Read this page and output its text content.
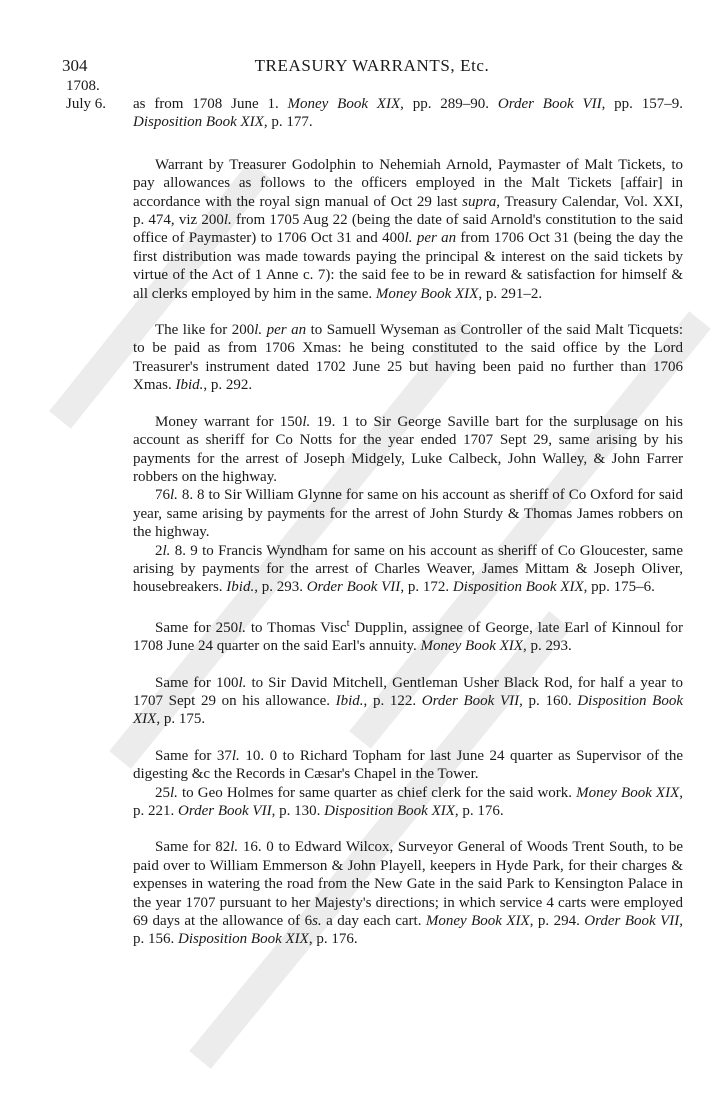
304	TREASURY WARRANTS, Etc.
1708.
July 6. as from 1708 June 1. Money Book XIX, pp. 289–90. Order Book VII, pp. 157–9. Disposition Book XIX, p. 177.

Warrant by Treasurer Godolphin to Nehemiah Arnold, Paymaster of Malt Tickets, to pay allowances as follows to the officers employed in the Malt Tickets [affair] in accordance with the royal sign manual of Oct 29 last supra, Treasury Calendar, Vol. XXI, p. 474, viz 200l. from 1705 Aug 22 (being the date of said Arnold's constitution to the said office of Paymaster) to 1706 Oct 31 and 400l. per an from 1706 Oct 31 (being the day the first distribution was made towards paying the principal & interest on the said tickets by virtue of the Act of 1 Anne c. 7): the said fee to be in reward & satisfaction for himself & all clerks employed by him in the same. Money Book XIX, p. 291–2.

The like for 200l. per an to Samuell Wyseman as Controller of the said Malt Ticquets: to be paid as from 1706 Xmas: he being constituted to the said office by the Lord Treasurer's instrument dated 1702 June 25 but having been paid no further than 1706 Xmas. Ibid., p. 292.

Money warrant for 150l. 19. 1 to Sir George Saville bart for the surplusage on his account as sheriff for Co Notts for the year ended 1707 Sept 29, same arising by his payments for the arrest of Joseph Midgely, Luke Calbeck, John Walley, & John Farrer robbers on the highway.

76l. 8. 8 to Sir William Glynne for same on his account as sheriff of Co Oxford for said year, same arising by payments for the arrest of John Sturdy & Thomas James robbers on the highway.

2l. 8. 9 to Francis Wyndham for same on his account as sheriff of Co Gloucester, same arising by payments for the arrest of Charles Weaver, James Mittam & Joseph Oliver, housebreakers. Ibid., p. 293. Order Book VII, p. 172. Disposition Book XIX, pp. 175–6.

Same for 250l. to Thomas Visc$^t$ Dupplin, assignee of George, late Earl of Kinnoul for 1708 June 24 quarter on the said Earl's annuity. Money Book XIX, p. 293.

Same for 100l. to Sir David Mitchell, Gentleman Usher Black Rod, for half a year to 1707 Sept 29 on his allowance. Ibid., p. 122. Order Book VII, p. 160. Disposition Book XIX, p. 175.

Same for 37l. 10. 0 to Richard Topham for last June 24 quarter as Supervisor of the digesting &c the Records in Cæsar's Chapel in the Tower.

25l. to Geo Holmes for same quarter as chief clerk for the said work. Money Book XIX, p. 221. Order Book VII, p. 130. Disposition Book XIX, p. 176.

Same for 82l. 16. 0 to Edward Wilcox, Surveyor General of Woods Trent South, to be paid over to William Emmerson & John Playell, keepers in Hyde Park, for their charges & expenses in watering the road from the New Gate in the said Park to Kensington Palace in the year 1707 pursuant to her Majesty's directions; in which service 4 carts were employed 69 days at the allowance of 6s. a day each cart. Money Book XIX, p. 294. Order Book VII, p. 156. Disposition Book XIX, p. 176.
